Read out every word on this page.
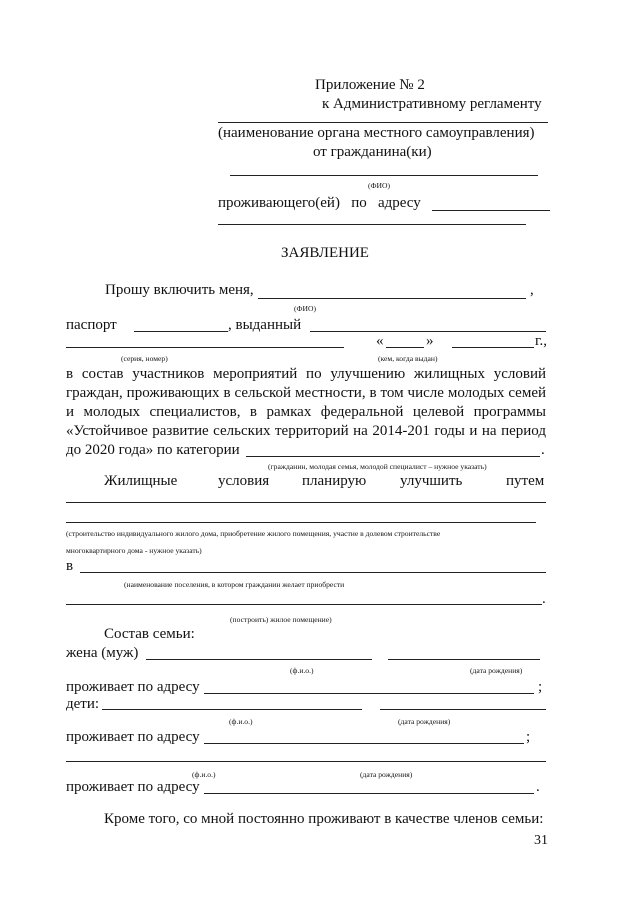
Приложение № 2
к Административному регламенту
(наименование органа местного самоуправления)
от гражданина(ки)
(ФИО)
проживающего(ей)   по   адресу
ЗАЯВЛЕНИЕ
Прошу включить меня,	,
(ФИО)
паспорт	, выданный
«	»	г.,
(серия, номер)	(кем, когда выдан)
в состав участников мероприятий по улучшению жилищных условий
граждан, проживающих в сельской местности, в том числе молодых семей
и молодых специалистов, в рамках федеральной целевой программы
«Устойчивое развитие сельских территорий на 2014-201 годы и на период
до 2020 года» по категории	.
(гражданин, молодая семья, молодой специалист – нужное указать)
Жилищные	условия планирую улучшить	путем
(строительство индивидуального жилого дома, приобретение жилого помещения, участие в долевом строительстве
многоквартирного дома - нужное указать)
в
(наименование поселения, в котором гражданин желает приобрести
.
(построить) жилое помещение)
Состав семьи:
жена (муж)
(ф.и.о.)	(дата рождения)
проживает по адресу	;
дети:
(ф.и.о.)	(дата рождения)
проживает по адресу	;
(ф.и.о.)	(дата рождения)
проживает по адресу	.
Кроме того, со мной постоянно проживают в качестве членов семьи:
31
